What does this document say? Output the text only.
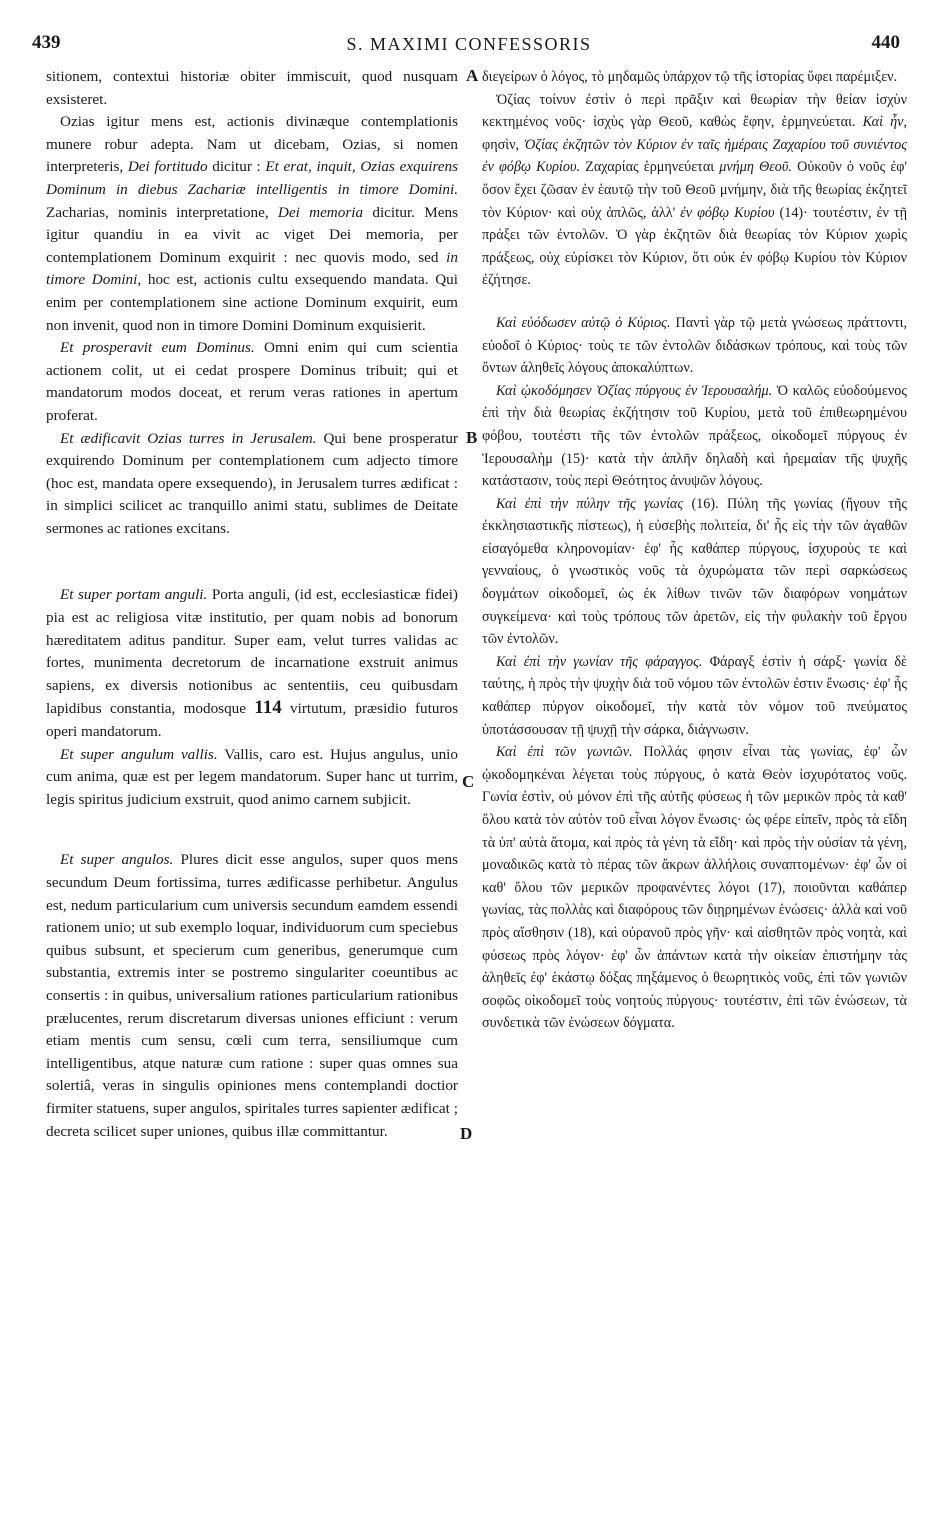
439	S. MAXIMI CONFESSORIS	440
A
B
C
D

sitionem, contextui historiæ obiter immiscuit, quod nusquam exsisteret.

Ozias igitur mens est, actionis divinæque contemplationis munere robur adepta. Nam ut dicebam, Ozias, si nomen interpreteris, Dei fortitudo dicitur : Et erat, inquit, Ozias exquirens Dominum in diebus Zachariæ intelligentis in timore Domini. Zacharias, nominis interpretatione, Dei memoria dicitur. Mens igitur quandiu in ea vivit ac viget Dei memoria, per contemplationem Dominum exquirit : nec quovis modo, sed in timore Domini, hoc est, actionis cultu exsequendo mandata. Qui enim per contemplationem sine actione Dominum exquirit, eum non invenit, quod non in timore Domini Dominum exquisierit.

Et prosperavit eum Dominus. Omni enim qui cum scientia actionem colit, ut ei cedat prospere Dominus tribuit; qui et mandatorum modos doceat, et rerum veras rationes in apertum proferat.

Et ædificavit Ozias turres in Jerusalem. Qui bene prosperatur exquirendo Dominum per contemplationem cum adjecto timore (hoc est, mandata opere exsequendo), in Jerusalem turres ædificat : in simplici scilicet ac tranquillo animi statu, sublimes de Deitate sermones ac rationes excitans.

Et super portam anguli. Porta anguli, (id est, ecclesiasticæ fidei) pia est ac religiosa vitæ institutio, per quam nobis ad bonorum hæreditatem aditus panditur. Super eam, velut turres validas ac fortes, munimenta decretorum de incarnatione exstruit animus sapiens, ex diversis notionibus ac sententiis, ceu quibusdam lapidibus constantia, modosque 114 virtutum, præsidio futuros operi mandatorum.

Et super angulum vallis. Vallis, caro est. Hujus angulus, unio cum anima, quæ est per legem mandatorum. Super hanc ut turrim, legis spiritus judicium exstruit, quod animo carnem subjicit.

Et super angulos. Plures dicit esse angulos, super quos mens secundum Deum fortissima, turres ædificasse perhibetur. Angulus est, nedum particularium cum universis secundum eamdem essendi rationem unio; ut sub exemplo loquar, individuorum cum speciebus quibus subsunt, et specierum cum generibus, generumque cum substantia, extremis inter se postremo singulariter coeuntibus ac consertis : in quibus, universalium rationes particularium rationibus prælucentes, rerum discretarum diversas uniones efficiunt : verum etiam mentis cum sensu, cœli cum terra, sensiliumque cum intelligentibus, atque naturæ cum ratione : super quas omnes sua solertiâ, veras in singulis opiniones mens contemplandi doctior firmiter statuens, super angulos, spiritales turres sapienter ædificat ; decreta scilicet super uniones, quibus illæ committantur.

διεγείρων ὁ λόγος, τὸ μηδαμῶς ὑπάρχον τῷ τῆς ἱστορίας ὕφει παρέμιξεν.

Ὀζίας τοίνυν ἐστὶν ὁ περὶ πρᾶξιν καὶ θεωρίαν τὴν θείαν ἰσχὺν κεκτημένος νοῦς· ἰσχὺς γὰρ Θεοῦ, καθὼς ἔφην, ἑρμηνεύεται. Καὶ ἦν, φησὶν, Ὀζίας ἐκζητῶν τὸν Κύριον ἐν ταῖς ἡμέραις Ζαχαρίου τοῦ συνιέντος ἐν φόβῳ Κυρίου. Ζαχαρίας ἑρμηνεύεται μνήμη Θεοῦ. Οὐκοῦν ὁ νοῦς ἐφ' ὅσον ἔχει ζῶσαν ἐν ἑαυτῷ τὴν τοῦ Θεοῦ μνήμην, διὰ τῆς θεωρίας ἐκζητεῖ τὸν Κύριον· καὶ οὐχ ἁπλῶς, ἀλλ' ἐν φόβῳ Κυρίου (14)· τουτέστιν, ἐν τῇ πράξει τῶν ἐντολῶν. Ὁ γὰρ ἐκζητῶν διὰ θεωρίας τὸν Κύριον χωρὶς πράξεως, οὐχ εὑρίσκει τὸν Κύριον, ὅτι οὐκ ἐν φόβῳ Κυρίου τὸν Κύριον ἐζήτησε.

Καὶ εὐόδωσεν αὐτῷ ὁ Κύριος. Παντὶ γὰρ τῷ μετὰ γνώσεως πράττοντι, εὐοδοῖ ὁ Κύριος· τοὺς τε τῶν ἐντολῶν διδάσκων τρόπους, καὶ τοὺς τῶν ὄντων ἀληθεῖς λόγους ἀποκαλύπτων.

Καὶ ᾠκοδόμησεν Ὀζίας πύργους ἐν Ἱερουσαλήμ. Ὁ καλῶς εὐοδούμενος ἐπὶ τὴν διὰ θεωρίας ἐκζήτησιν τοῦ Κυρίου, μετὰ τοῦ ἐπιθεωρημένου φόβου, τουτέστι τῆς τῶν ἐντολῶν πράξεως, οἰκοδομεῖ πύργους ἐν Ἱερουσαλὴμ (15)· κατὰ τὴν ἁπλῆν δηλαδὴ καὶ ἠρεμαίαν τῆς ψυχῆς κατάστασιν, τοὺς περὶ Θεότητος ἀνυψῶν λόγους.

Καὶ ἐπὶ τὴν πύλην τῆς γωνίας (16). Πύλη τῆς γωνίας (ἤγουν τῆς ἐκκλησιαστικῆς πίστεως), ἡ εὐσεβὴς πολιτεία, δι' ἧς εἰς τὴν τῶν ἀγαθῶν εἰσαγόμεθα κληρονομίαν· ἐφ' ἧς καθάπερ πύργους, ἰσχυροὺς τε καὶ γενναίους, ὁ γνωστικὸς νοῦς τὰ ὀχυρώματα τῶν περὶ σαρκώσεως δογμάτων οἰκοδομεῖ, ὡς ἐκ λίθων τινῶν τῶν διαφόρων νοημάτων συγκείμενα· καὶ τοὺς τρόπους τῶν ἀρετῶν, εἰς τὴν φυλακὴν τοῦ ἔργου τῶν ἐντολῶν.

Καὶ ἐπὶ τὴν γωνίαν τῆς φάραγγος. Φάραγξ ἐστὶν ἡ σάρξ· γωνία δὲ ταύτης, ἡ πρὸς τὴν ψυχὴν διὰ τοῦ νόμου τῶν ἐντολῶν ἐστιν ἕνωσις· ἐφ' ἧς καθάπερ πύργον οἰκοδομεῖ, τὴν κατὰ τὸν νόμον τοῦ πνεύματος ὑποτάσσουσαν τῇ ψυχῇ τὴν σάρκα, διάγνωσιν.

Καὶ ἐπὶ τῶν γωνιῶν. Πολλάς φησιν εἶναι τὰς γωνίας, ἐφ' ὧν ᾠκοδομηκέναι λέγεται τοὺς πύργους, ὁ κατὰ Θεὸν ἰσχυρότατος νοῦς. Γωνία ἐστὶν, οὐ μόνον ἐπὶ τῆς αὐτῆς φύσεως ἡ τῶν μερικῶν πρὸς τὰ καθ' ὅλου κατὰ τὸν αὐτὸν τοῦ εἶναι λόγον ἕνωσις· ὡς φέρε εἰπεῖν, πρὸς τὰ εἴδη τὰ ὑπ' αὐτὰ ἄτομα, καὶ πρὸς τὰ γένη τὰ εἴδη· καὶ πρὸς τὴν οὐσίαν τὰ γένη, μοναδικῶς κατὰ τὸ πέρας τῶν ἄκρων ἀλλήλοις συναπτομένων· ἐφ' ὧν οἱ καθ' ὅλου τῶν μερικῶν προφανέντες λόγοι (17), ποιοῦνται καθάπερ γωνίας, τὰς πολλὰς καὶ διαφόρους τῶν διῃρημένων ἑνώσεις· ἀλλὰ καὶ νοῦ πρὸς αἴσθησιν (18), καὶ οὐρανοῦ πρὸς γῆν· καὶ αἰσθητῶν πρὸς νοητὰ, καὶ φύσεως πρὸς λόγον· ἐφ' ὧν ἁπάντων κατὰ τὴν οἰκείαν ἐπιστήμην τὰς ἀληθεῖς ἐφ' ἑκάστῳ δόξας πηξάμενος ὁ θεωρητικὸς νοῦς, ἐπὶ τῶν γωνιῶν σοφῶς οἰκοδομεῖ τοὺς νοητοὺς πύργους· τουτέστιν, ἐπὶ τῶν ἑνώσεων, τὰ συνδετικὰ τῶν ἑνώσεων δόγματα.
